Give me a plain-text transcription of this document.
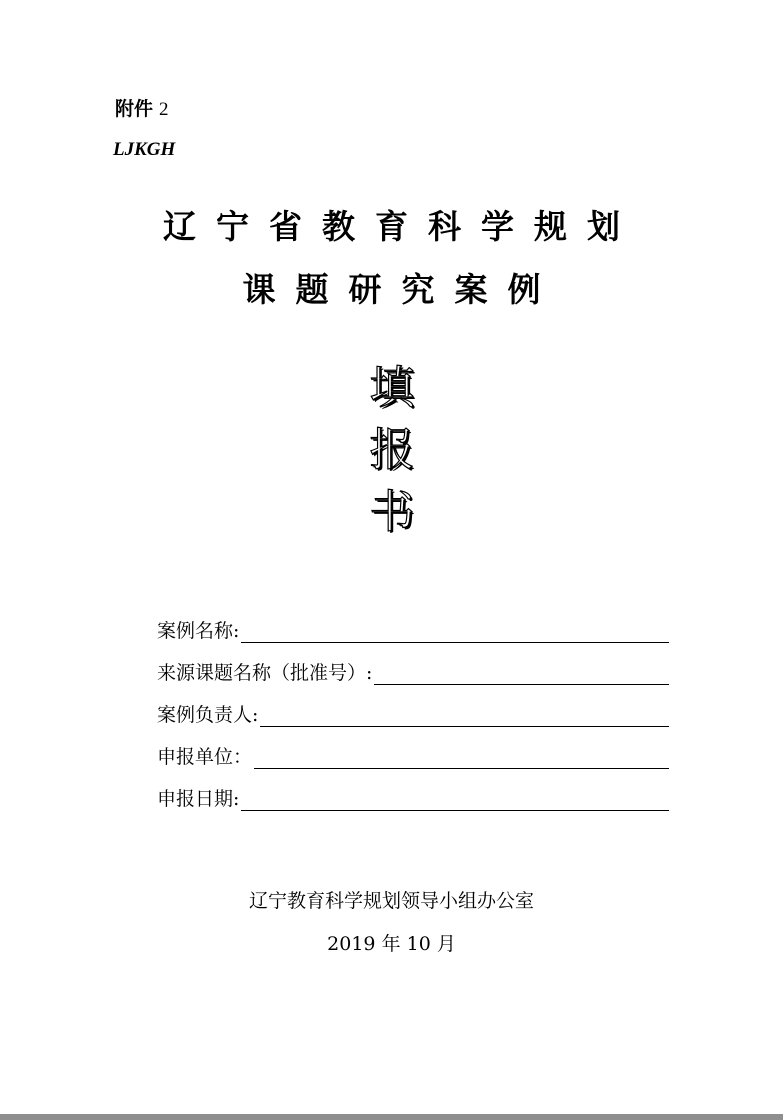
附件 2
LJKGH
辽宁省教育科学规划
课题研究案例
填
报
书
案例名称:
来源课题名称（批准号）:
案例负责人:
申报单位：
申报日期:
辽宁教育科学规划领导小组办公室
2019 年 10 月
